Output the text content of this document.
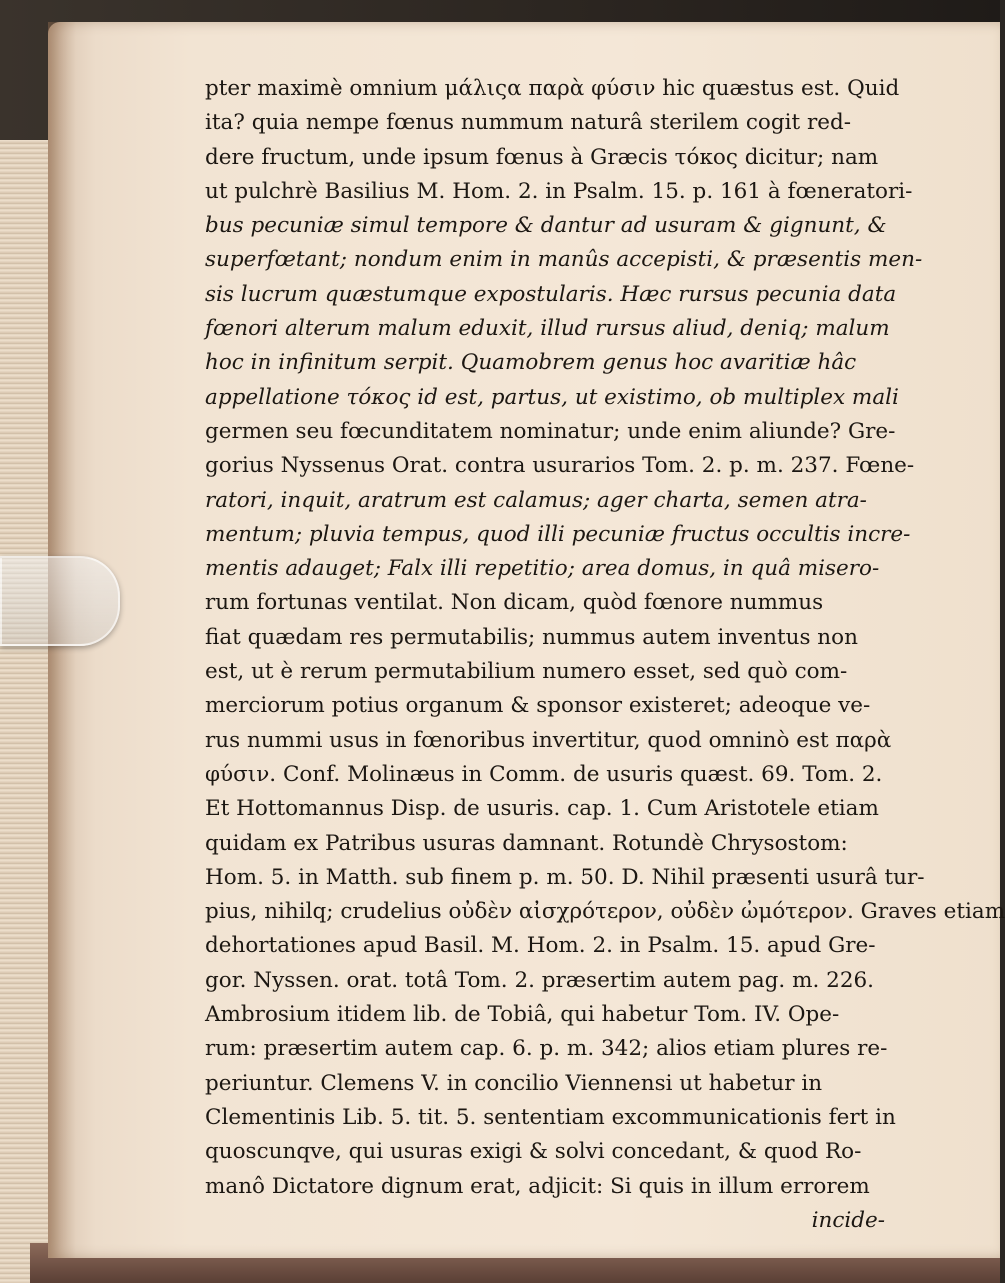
pter maximè omnium μάλιςα παρὰ φύσιν hic quæstus est. Quid
ita? quia nempe fœnus nummum naturâ sterilem cogit red-
dere fructum, unde ipsum fœnus à Græcis τόκος dicitur; nam
ut pulchrè Basilius M. Hom. 2. in Psalm. 15. p. 161 à fœneratori-
bus pecuniæ simul tempore & dantur ad usuram & gignunt, &
superfœtant; nondum enim in manûs accepisti, & præsentis men-
sis lucrum quæstumque expostularis. Hæc rursus pecunia data
fœnori alterum malum eduxit, illud rursus aliud, deniq; malum
hoc in infinitum serpit. Quamobrem genus hoc avaritiæ hâc
appellatione τόκος id est, partus, ut existimo, ob multiplex mali
germen seu fœcunditatem nominatur; unde enim aliunde? Gre-
gorius Nyssenus Orat. contra usurarios Tom. 2. p. m. 237. Fœne-
ratori, inquit, aratrum est calamus; ager charta, semen atra-
mentum; pluvia tempus, quod illi pecuniæ fructus occultis incre-
mentis adauget; Falx illi repetitio; area domus, in quâ misero-
rum fortunas ventilat. Non dicam, quòd fœnore nummus
fiat quædam res permutabilis; nummus autem inventus non
est, ut è rerum permutabilium numero esset, sed quò com-
merciorum potius organum & sponsor existeret; adeoque ve-
rus nummi usus in fœnoribus invertitur, quod omninò est παρὰ
φύσιν. Conf. Molinæus in Comm. de usuris quæst. 69. Tom. 2.
Et Hottomannus Disp. de usuris. cap. 1. Cum Aristotele etiam
quidam ex Patribus usuras damnant. Rotundè Chrysostom:
Hom. 5. in Matth. sub finem p. m. 50. D. Nihil præsenti usurâ tur-
pius, nihilq; crudelius οὐδὲν αἰσχρότερον, οὐδὲν ὠμότερον. Graves etiam
dehortationes apud Basil. M. Hom. 2. in Psalm. 15. apud Gre-
gor. Nyssen. orat. totâ Tom. 2. præsertim autem pag. m. 226.
Ambrosium itidem lib. de Tobiâ, qui habetur Tom. IV. Ope-
rum: præsertim autem cap. 6. p. m. 342; alios etiam plures re-
periuntur. Clemens V. in concilio Viennensi ut habetur in
Clementinis Lib. 5. tit. 5. sententiam excommunicationis fert in
quoscunqve, qui usuras exigi & solvi concedant, & quod Ro-
manô Dictatore dignum erat, adjicit: Si quis in illum errorem
incide-
